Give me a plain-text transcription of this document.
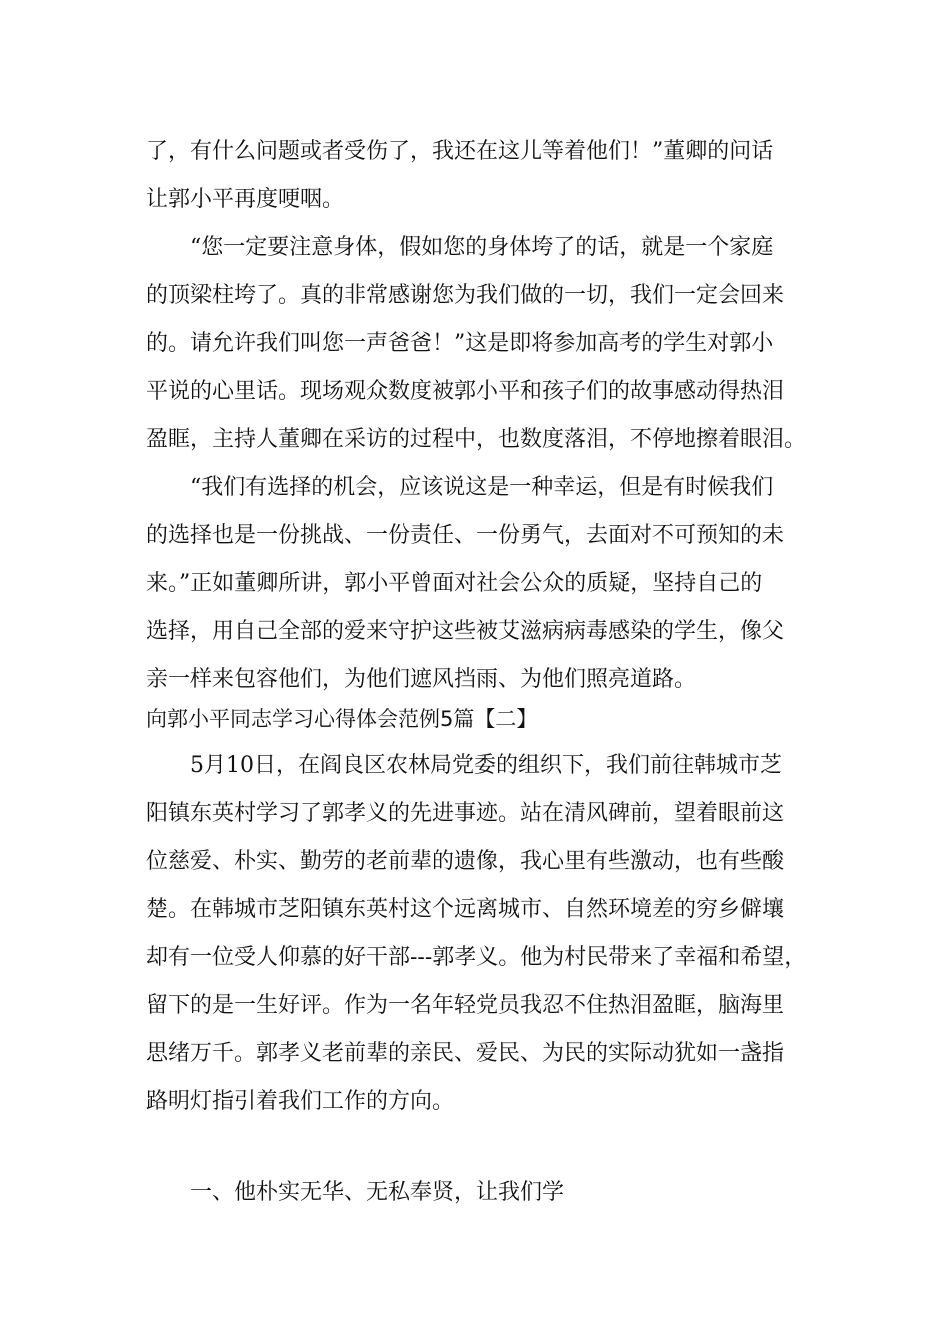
了，有什么问题或者受伤了，我还在这儿等着他们！”董卿的问话
让郭小平再度哽咽。
“您一定要注意身体，假如您的身体垮了的话，就是一个家庭
的顶梁柱垮了。真的非常感谢您为我们做的一切，我们一定会回来
的。请允许我们叫您一声爸爸！”这是即将参加高考的学生对郭小
平说的心里话。现场观众数度被郭小平和孩子们的故事感动得热泪
盈眶，主持人董卿在采访的过程中，也数度落泪，不停地擦着眼泪。
“我们有选择的机会，应该说这是一种幸运，但是有时候我们
的选择也是一份挑战、一份责任、一份勇气，去面对不可预知的未
来。”正如董卿所讲，郭小平曾面对社会公众的质疑，坚持自己的
选择，用自己全部的爱来守护这些被艾滋病病毒感染的学生，像父
亲一样来包容他们，为他们遮风挡雨、为他们照亮道路。
向郭小平同志学习心得体会范例5篇【二】
5月10日，在阎良区农林局党委的组织下，我们前往韩城市芝
阳镇东英村学习了郭孝义的先进事迹。站在清风碑前，望着眼前这
位慈爱、朴实、勤劳的老前辈的遗像，我心里有些激动，也有些酸
楚。在韩城市芝阳镇东英村这个远离城市、自然环境差的穷乡僻壤
却有一位受人仰慕的好干部---郭孝义。他为村民带来了幸福和希望，
留下的是一生好评。作为一名年轻党员我忍不住热泪盈眶，脑海里
思绪万千。郭孝义老前辈的亲民、爱民、为民的实际动犹如一盏指
路明灯指引着我们工作的方向。
一、他朴实无华、无私奉贤，让我们学
